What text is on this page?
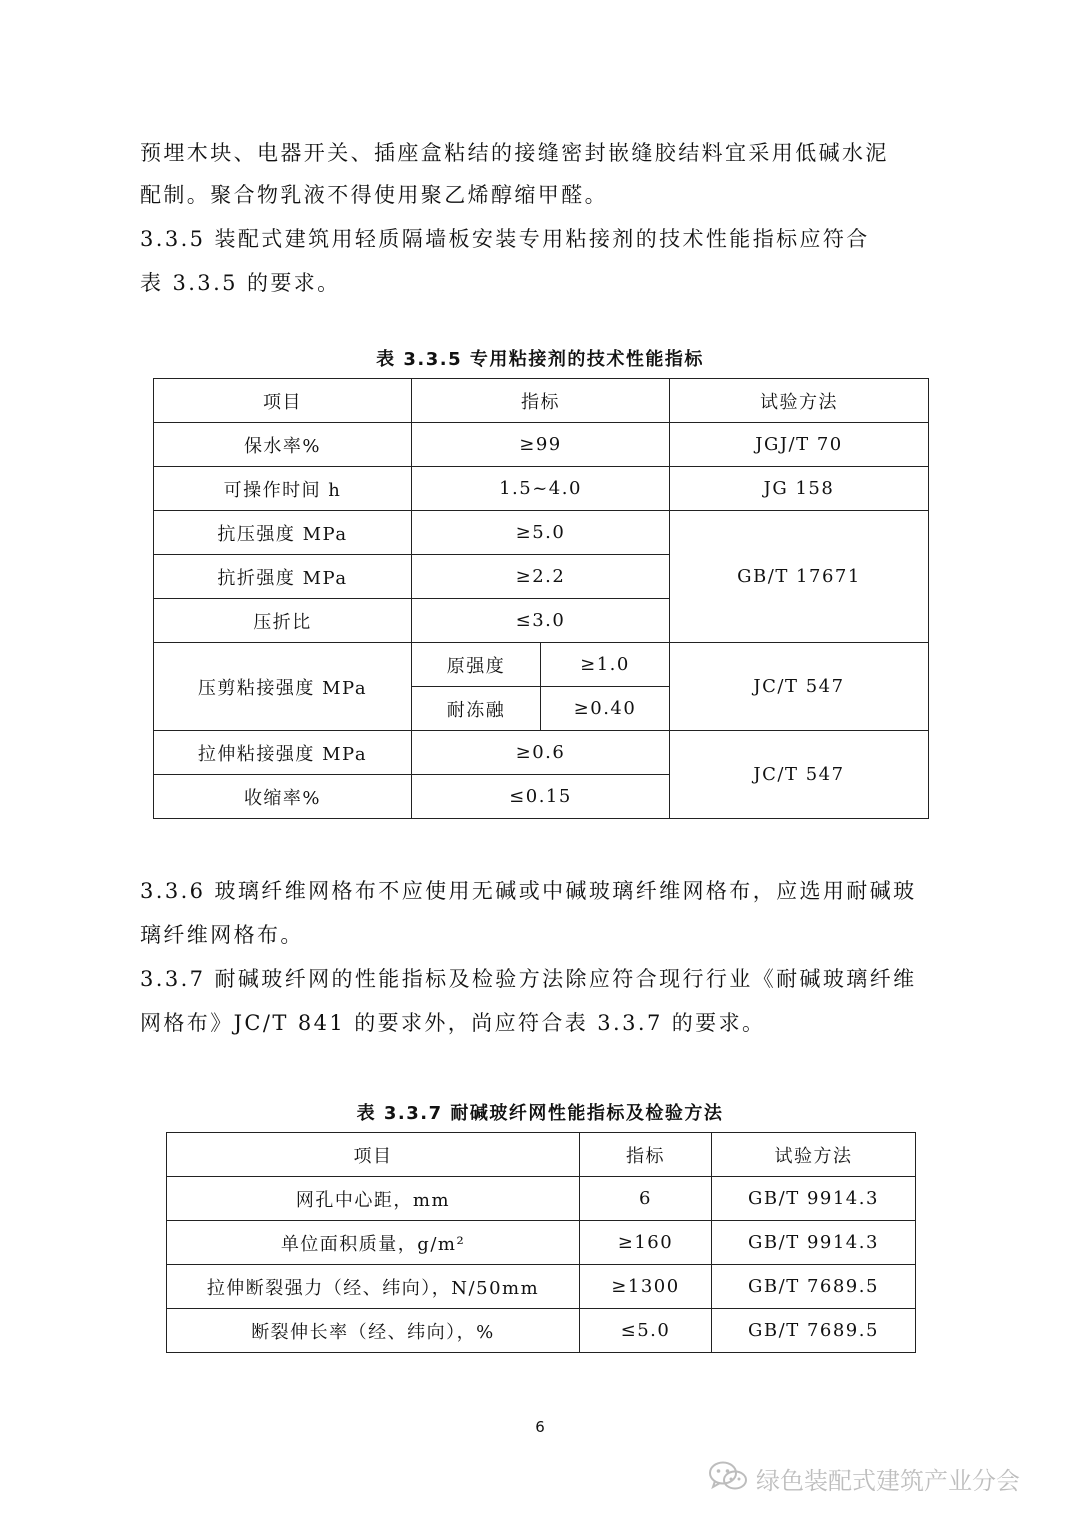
预埋木块、电器开关、插座盒粘结的接缝密封嵌缝胶结料宜采用低碱水泥

配制。聚合物乳液不得使用聚乙烯醇缩甲醛。

3.3.5 装配式建筑用轻质隔墙板安装专用粘接剂的技术性能指标应符合

表 3.3.5 的要求。

表 3.3.5 专用粘接剂的技术性能指标
项目	指标		试验方法
保水率%	≥99		JGJ/T 70
可操作时间 h	1.5~4.0		JG 158
抗压强度 MPa	≥5.0		GB/T 17671
抗折强度 MPa	≥2.2		
压折比	≤3.0		
压剪粘接强度 MPa	原强度	≥1.0	JC/T 547
	耐冻融	≥0.40	
拉伸粘接强度 MPa	≥0.6		JC/T 547
收缩率%	≤0.15		

3.3.6 玻璃纤维网格布不应使用无碱或中碱玻璃纤维网格布，应选用耐碱玻

璃纤维网格布。

3.3.7 耐碱玻纤网的性能指标及检验方法除应符合现行行业《耐碱玻璃纤维

网格布》JC/T 841 的要求外，尚应符合表 3.3.7 的要求。

表 3.3.7 耐碱玻纤网性能指标及检验方法
项目	指标	试验方法
网孔中心距，mm	6	GB/T 9914.3
单位面积质量，g/m²	≥160	GB/T 9914.3
拉伸断裂强力（经、纬向），N/50mm	≥1300	GB/T 7689.5
断裂伸长率（经、纬向），%	≤5.0	GB/T 7689.5
6
绿色装配式建筑产业分会
